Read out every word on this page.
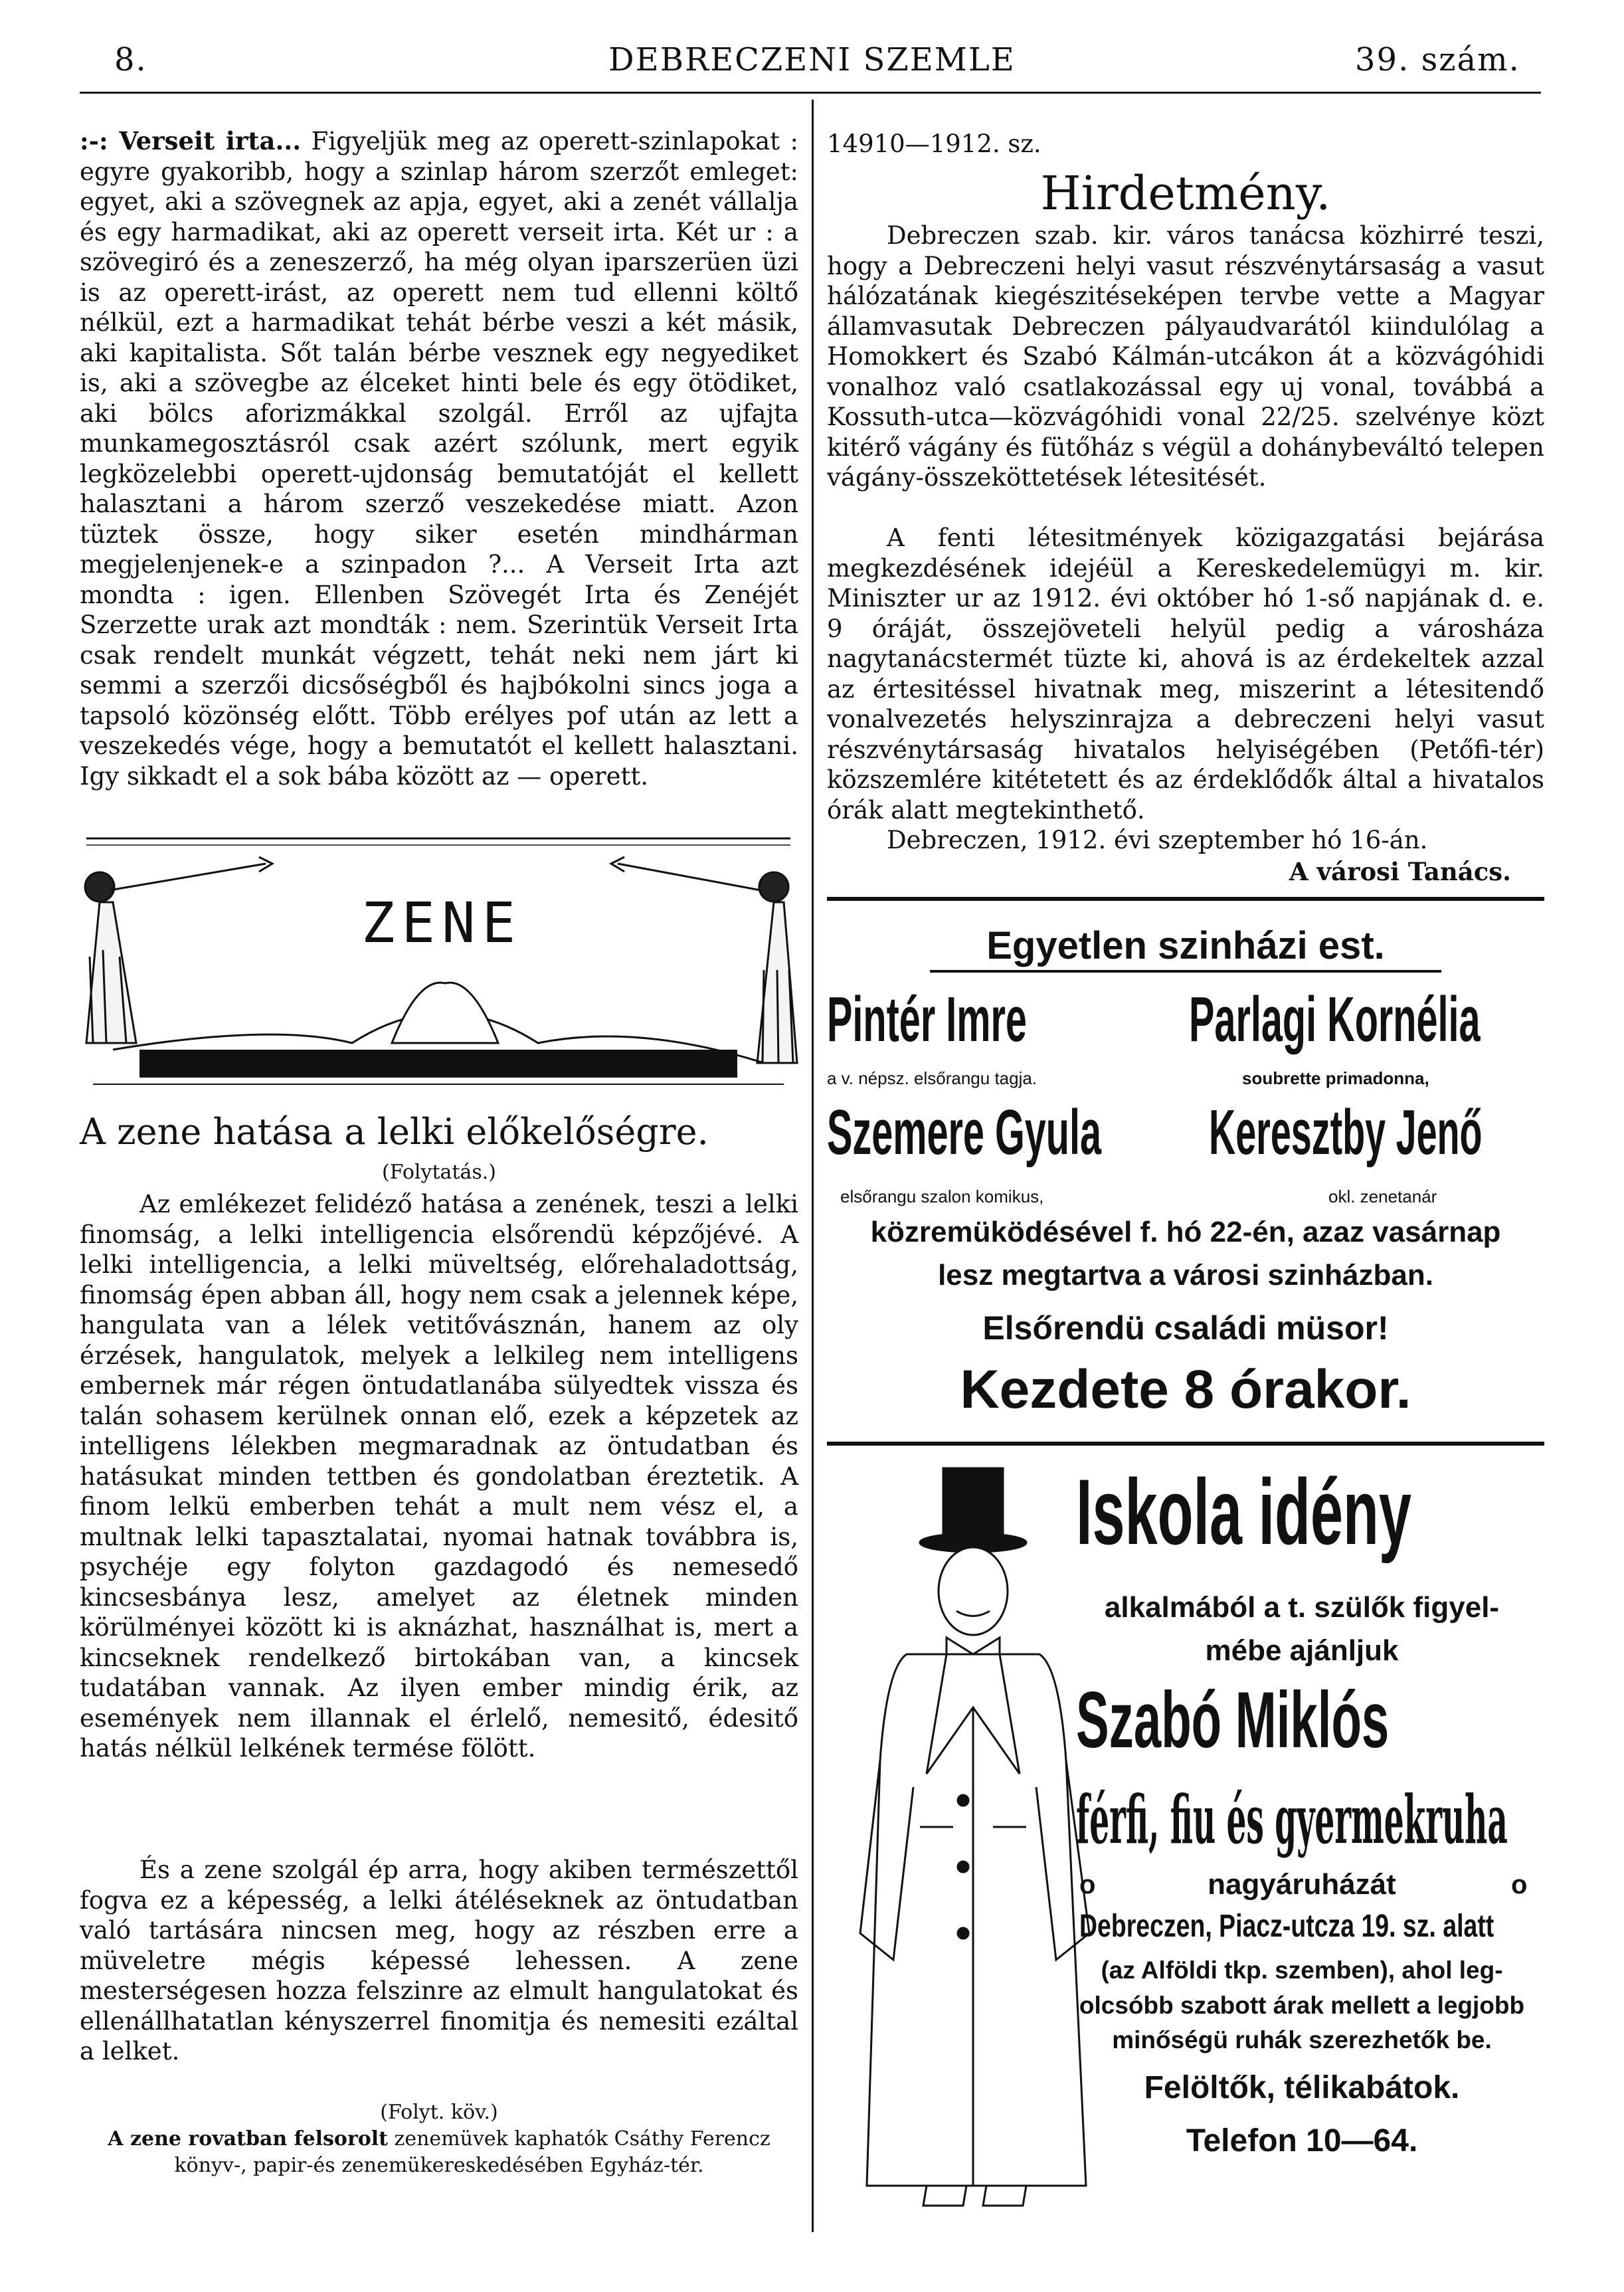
8.	DEBRECZENI SZEMLE	39. szám.

:-: Verseit irta... Figyeljük meg az operett-szinlapokat : egyre gyakoribb, hogy a szinlap három szerzőt emleget: egyet, aki a szövegnek az apja, egyet, aki a zenét vállalja és egy harmadikat, aki az operett verseit irta. Két ur : a szövegiró és a zeneszerző, ha még olyan iparszerüen üzi is az operett-irást, az operett nem tud ellenni költő nélkül, ezt a harmadikat tehát bérbe veszi a két másik, aki kapitalista. Sőt talán bérbe vesznek egy negyediket is, aki a szövegbe az élceket hinti bele és egy ötödiket, aki bölcs aforizmákkal szolgál. Erről az ujfajta munkamegosztásról csak azért szólunk, mert egyik legközelebbi operett-ujdonság bemutatóját el kellett halasztani a három szerző veszekedése miatt. Azon tüztek össze, hogy siker esetén mindhárman megjelenjenek-e a szinpadon ?... A Verseit Irta azt mondta : igen. Ellenben Szövegét Irta és Zenéjét Szerzette urak azt mondták : nem. Szerintük Verseit Irta csak rendelt munkát végzett, tehát neki nem járt ki semmi a szerzői dicsőségből és hajbókolni sincs joga a tapsoló közönség előtt. Több erélyes pof után az lett a veszekedés vége, hogy a bemutatót el kellett halasztani. Igy sikkadt el a sok bába között az — operett.

ZENE
A zene hatása a lelki előkelőségre.
(Folytatás.)

Az emlékezet felidéző hatása a zenének, teszi a lelki finomság, a lelki intelligencia elsőrendü képzőjévé. A lelki intelligencia, a lelki müveltség, előrehaladottság, finomság épen abban áll, hogy nem csak a jelennek képe, hangulata van a lélek vetitővásznán, hanem az oly érzések, hangulatok, melyek a lelkileg nem intelligens embernek már régen öntudatlanába sülyedtek vissza és talán sohasem kerülnek onnan elő, ezek a képzetek az intelligens lélekben megmaradnak az öntudatban és hatásukat minden tettben és gondolatban éreztetik. A finom lelkü emberben tehát a mult nem vész el, a multnak lelki tapasztalatai, nyomai hatnak továbbra is, psychéje egy folyton gazdagodó és nemesedő kincsesbánya lesz, amelyet az életnek minden körülményei között ki is aknázhat, használhat is, mert a kincseknek rendelkező birtokában van, a kincsek tudatában vannak. Az ilyen ember mindig érik, az események nem illannak el érlelő, nemesitő, édesitő hatás nélkül lelkének termése fölött.

És a zene szolgál ép arra, hogy akiben természettől fogva ez a képesség, a lelki átéléseknek az öntudatban való tartására nincsen meg, hogy az részben erre a müveletre mégis képessé lehessen. A zene mesterségesen hozza felszinre az elmult hangulatokat és ellenállhatatlan kényszerrel finomitja és nemesiti ezáltal a lelket.

(Folyt. köv.)

A zene rovatban felsorolt zenemüvek kaphatók Csáthy Ferencz könyv-, papir-és zenemükereskedésében Egyház-tér.

14910—1912. sz.
Hirdetmény.

Debreczen szab. kir. város tanácsa közhirré teszi, hogy a Debreczeni helyi vasut részvénytársaság a vasut hálózatának kiegészitéseképen tervbe vette a Magyar államvasutak Debreczen pályaudvarától kiindulólag a Homokkert és Szabó Kálmán-utcákon át a közvágóhidi vonalhoz való csatlakozással egy uj vonal, továbbá a Kossuth-utca—közvágóhidi vonal 22/25. szelvénye közt kitérő vágány és fütőház s végül a dohánybeváltó telepen vágány-összeköttetések létesitését.

A fenti létesitmények közigazgatási bejárása megkezdésének idejéül a Kereskedelemügyi m. kir. Miniszter ur az 1912. évi október hó 1-ső napjának d. e. 9 óráját, összejöveteli helyül pedig a városháza nagytanácstermét tüzte ki, ahová is az érdekeltek azzal az értesitéssel hivatnak meg, miszerint a létesitendő vonalvezetés helyszinrajza a debreczeni helyi vasut részvénytársaság hivatalos helyiségében (Petőfi-tér) közszemlére kitétetett és az érdeklődők által a hivatalos órák alatt megtekinthető.

Debreczen, 1912. évi szeptember hó 16-án.
A városi Tanács.
Egyetlen szinházi est.
Pintér Imre
a v. népsz. elsőrangu tagja.
Parlagi Kornélia
soubrette primadonna,
Szemere Gyula
elsőrangu szalon komikus,
Keresztby Jenő
okl. zenetanár
közremüködésével f. hó 22-én, azaz vasárnap
lesz megtartva a városi szinházban.
Elsőrendü családi müsor!
Kezdete 8 órakor.
Iskola idény
alkalmából a t. szülők figyel-
mébe ajánljuk
Szabó Miklós
férfi, fiu és gyermekruha
o	nagyáruházát	o
Debreczen, Piacz-utcza 19. sz. alatt
(az Alföldi tkp. szemben), ahol leg-
olcsóbb szabott árak mellett a legjobb
minőségü ruhák szerezhetők be.
Felöltők, télikabátok.
Telefon 10—64.
